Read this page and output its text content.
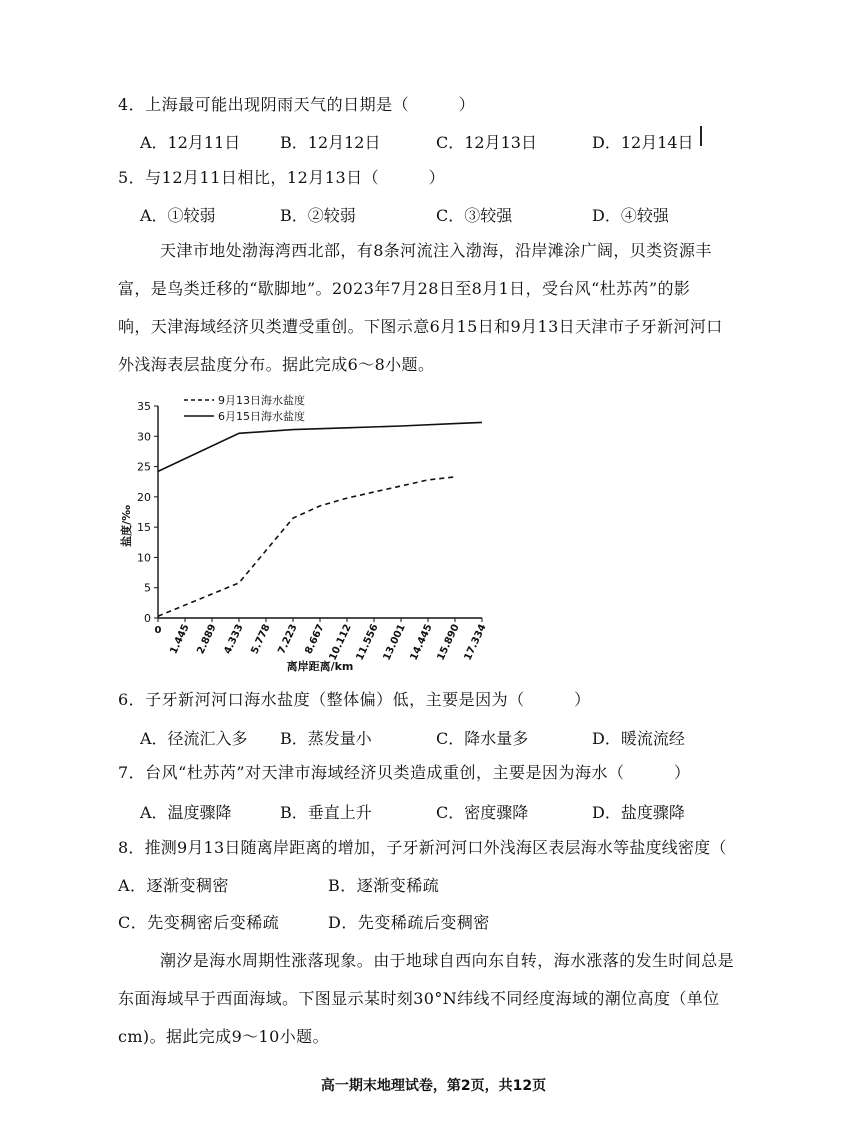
4．上海最可能出现阴雨天气的日期是（　　　）
A．12月11日 B．12月12日	C．12月13日	D．12月14日
5．与12月11日相比，12月13日（　　　）
A．①较弱	B．②较弱	C．③较强	D．④较强
天津市地处渤海湾西北部，有8条河流注入渤海，沿岸滩涂广阔，贝类资源丰
富，是鸟类迁移的“歇脚地”。2023年7月28日至8月1日，受台风“杜苏芮”的影
响，天津海域经济贝类遭受重创。下图示意6月15日和9月13日天津市子牙新河河口
外浅海表层盐度分布。据此完成6～8小题。
0
5
10
15
20
25
30
35
0 1.445 2.889 4.333 5.778 7.223 8.667 10.112 11.556 13.001 14.445 15.890 17.334
9月13日海水盐度
6月15日海水盐度
盐度/‰
离岸距离/km
6．子牙新河河口海水盐度（整体偏）低，主要是因为（　　　）
A．径流汇入多 B．蒸发量小	C．降水量多	D．暖流流经
7．台风“杜苏芮”对天津市海域经济贝类造成重创，主要是因为海水（　　　）
A．温度骤降	B．垂直上升	C．密度骤降	D．盐度骤降
8．推测9月13日随离岸距离的增加，子牙新河河口外浅海区表层海水等盐度线密度（
A．逐渐变稠密	B．逐渐变稀疏
C．先变稠密后变稀疏	D．先变稀疏后变稠密
潮汐是海水周期性涨落现象。由于地球自西向东自转，海水涨落的发生时间总是
东面海域早于西面海域。下图显示某时刻30°N纬线不同经度海域的潮位高度（单位
cm)。据此完成9～10小题。
高一期末地理试卷，第2页，共12页
